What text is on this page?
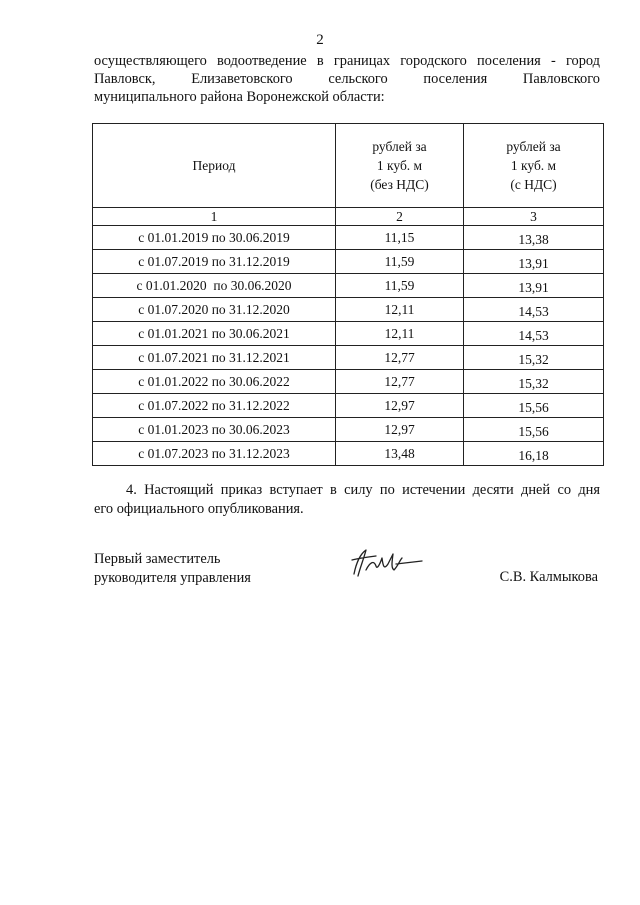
2
осуществляющего водоотведение в границах городского поселения - город
Павловск, Елизаветовского сельского поселения Павловского
муниципального района Воронежской области:
Период	рублей за
1 куб. м
(без НДС)	рублей за
1 куб. м
(с НДС)

1	2	3
с 01.01.2019 по 30.06.2019	11,15	13,38
с 01.07.2019 по 31.12.2019	11,59	13,91
с 01.01.2020  по 30.06.2020	11,59	13,91
с 01.07.2020 по 31.12.2020	12,11	14,53
с 01.01.2021 по 30.06.2021	12,11	14,53
с 01.07.2021 по 31.12.2021	12,77	15,32
с 01.01.2022 по 30.06.2022	12,77	15,32
с 01.07.2022 по 31.12.2022	12,97	15,56
с 01.01.2023 по 30.06.2023	12,97	15,56
с 01.07.2023 по 31.12.2023	13,48	16,18
4. Настоящий приказ вступает в силу по истечении десяти дней со дня
его официального опубликования.
Первый заместитель
руководителя управления	С.В. Калмыкова
